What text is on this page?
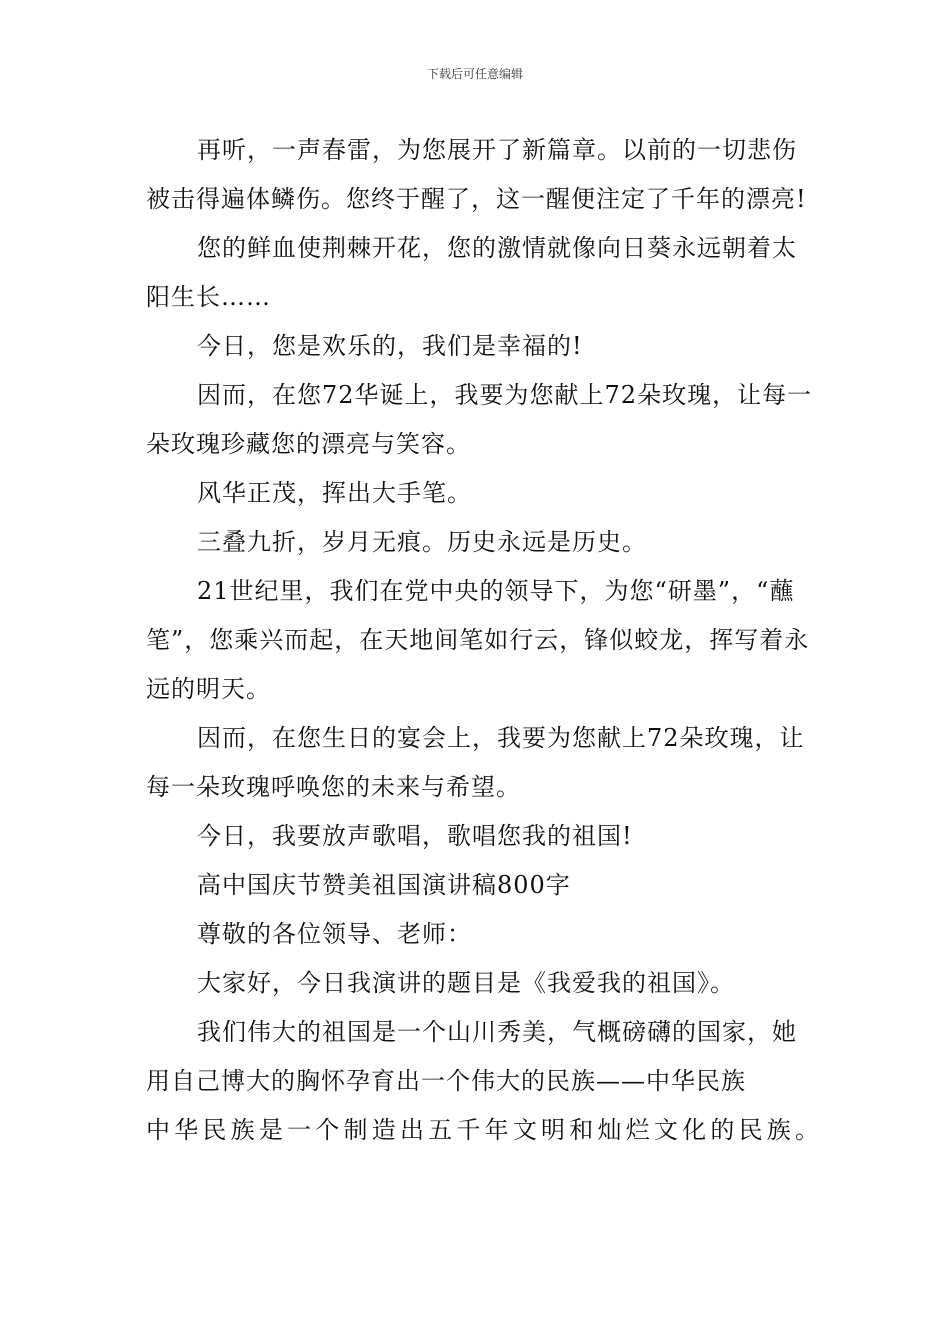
下载后可任意编辑

再听，一声春雷，为您展开了新篇章。以前的一切悲伤被击得遍体鳞伤。您终于醒了，这一醒便注定了千年的漂亮!

您的鲜血使荆棘开花，您的激情就像向日葵永远朝着太阳生长……

今日，您是欢乐的，我们是幸福的!

因而，在您72华诞上，我要为您献上72朵玫瑰，让每一朵玫瑰珍藏您的漂亮与笑容。

风华正茂，挥出大手笔。

三叠九折，岁月无痕。历史永远是历史。

21世纪里，我们在党中央的领导下，为您“研墨”，“蘸笔”，您乘兴而起，在天地间笔如行云，锋似蛟龙，挥写着永远的明天。

因而，在您生日的宴会上，我要为您献上72朵玫瑰，让每一朵玫瑰呼唤您的未来与希望。

今日，我要放声歌唱，歌唱您我的祖国!

高中国庆节赞美祖国演讲稿800字

尊敬的各位领导、老师：

大家好，今日我演讲的题目是《我爱我的祖国》。

我们伟大的祖国是一个山川秀美，气概磅礴的国家，她用自己博大的胸怀孕育出一个伟大的民族——中华民族

中华民族是一个制造出五千年文明和灿烂文化的民族。
